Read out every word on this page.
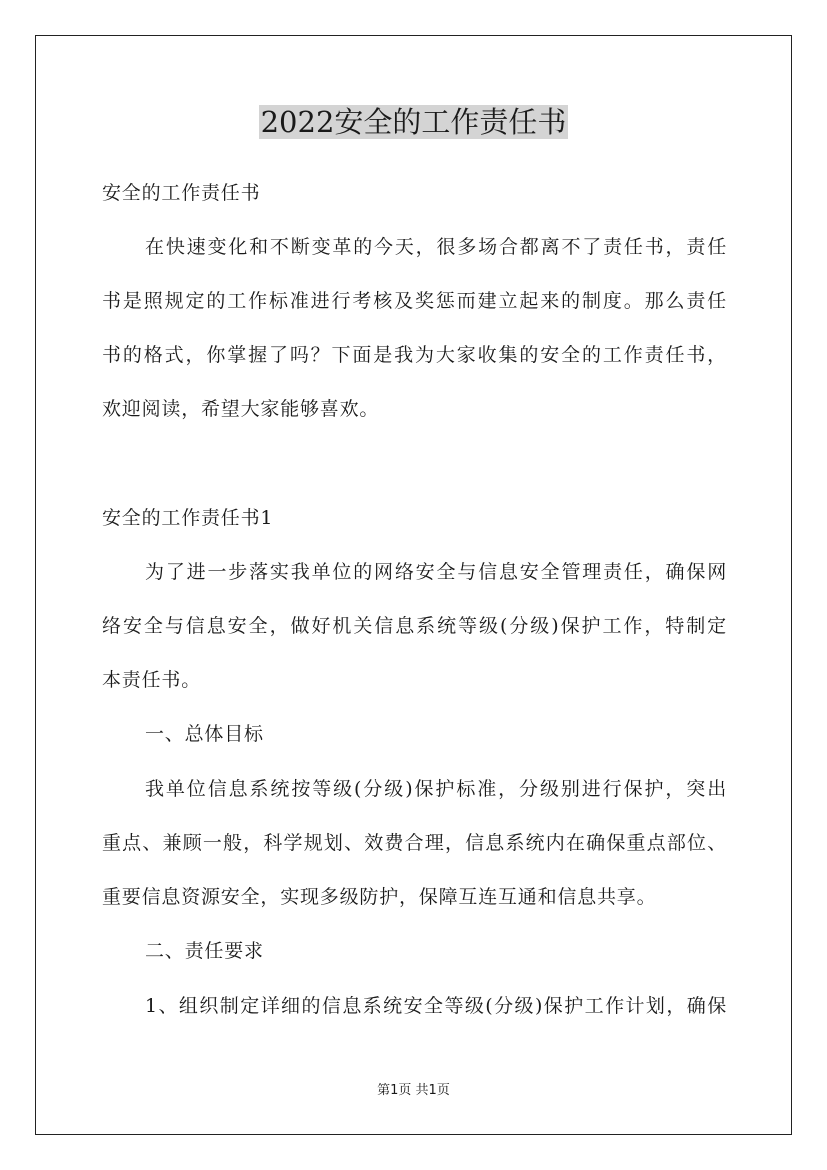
2022安全的工作责任书
安全的工作责任书
在快速变化和不断变革的今天，很多场合都离不了责任书，责任
书是照规定的工作标准进行考核及奖惩而建立起来的制度。那么责任
书的格式，你掌握了吗？下面是我为大家收集的安全的工作责任书，
欢迎阅读，希望大家能够喜欢。
安全的工作责任书1
为了进一步落实我单位的网络安全与信息安全管理责任，确保网
络安全与信息安全，做好机关信息系统等级(分级)保护工作，特制定
本责任书。
一、总体目标
我单位信息系统按等级(分级)保护标准，分级别进行保护，突出
重点、兼顾一般，科学规划、效费合理，信息系统内在确保重点部位、
重要信息资源安全，实现多级防护，保障互连互通和信息共享。
二、责任要求
1、组织制定详细的信息系统安全等级(分级)保护工作计划，确保
第1页 共1页
